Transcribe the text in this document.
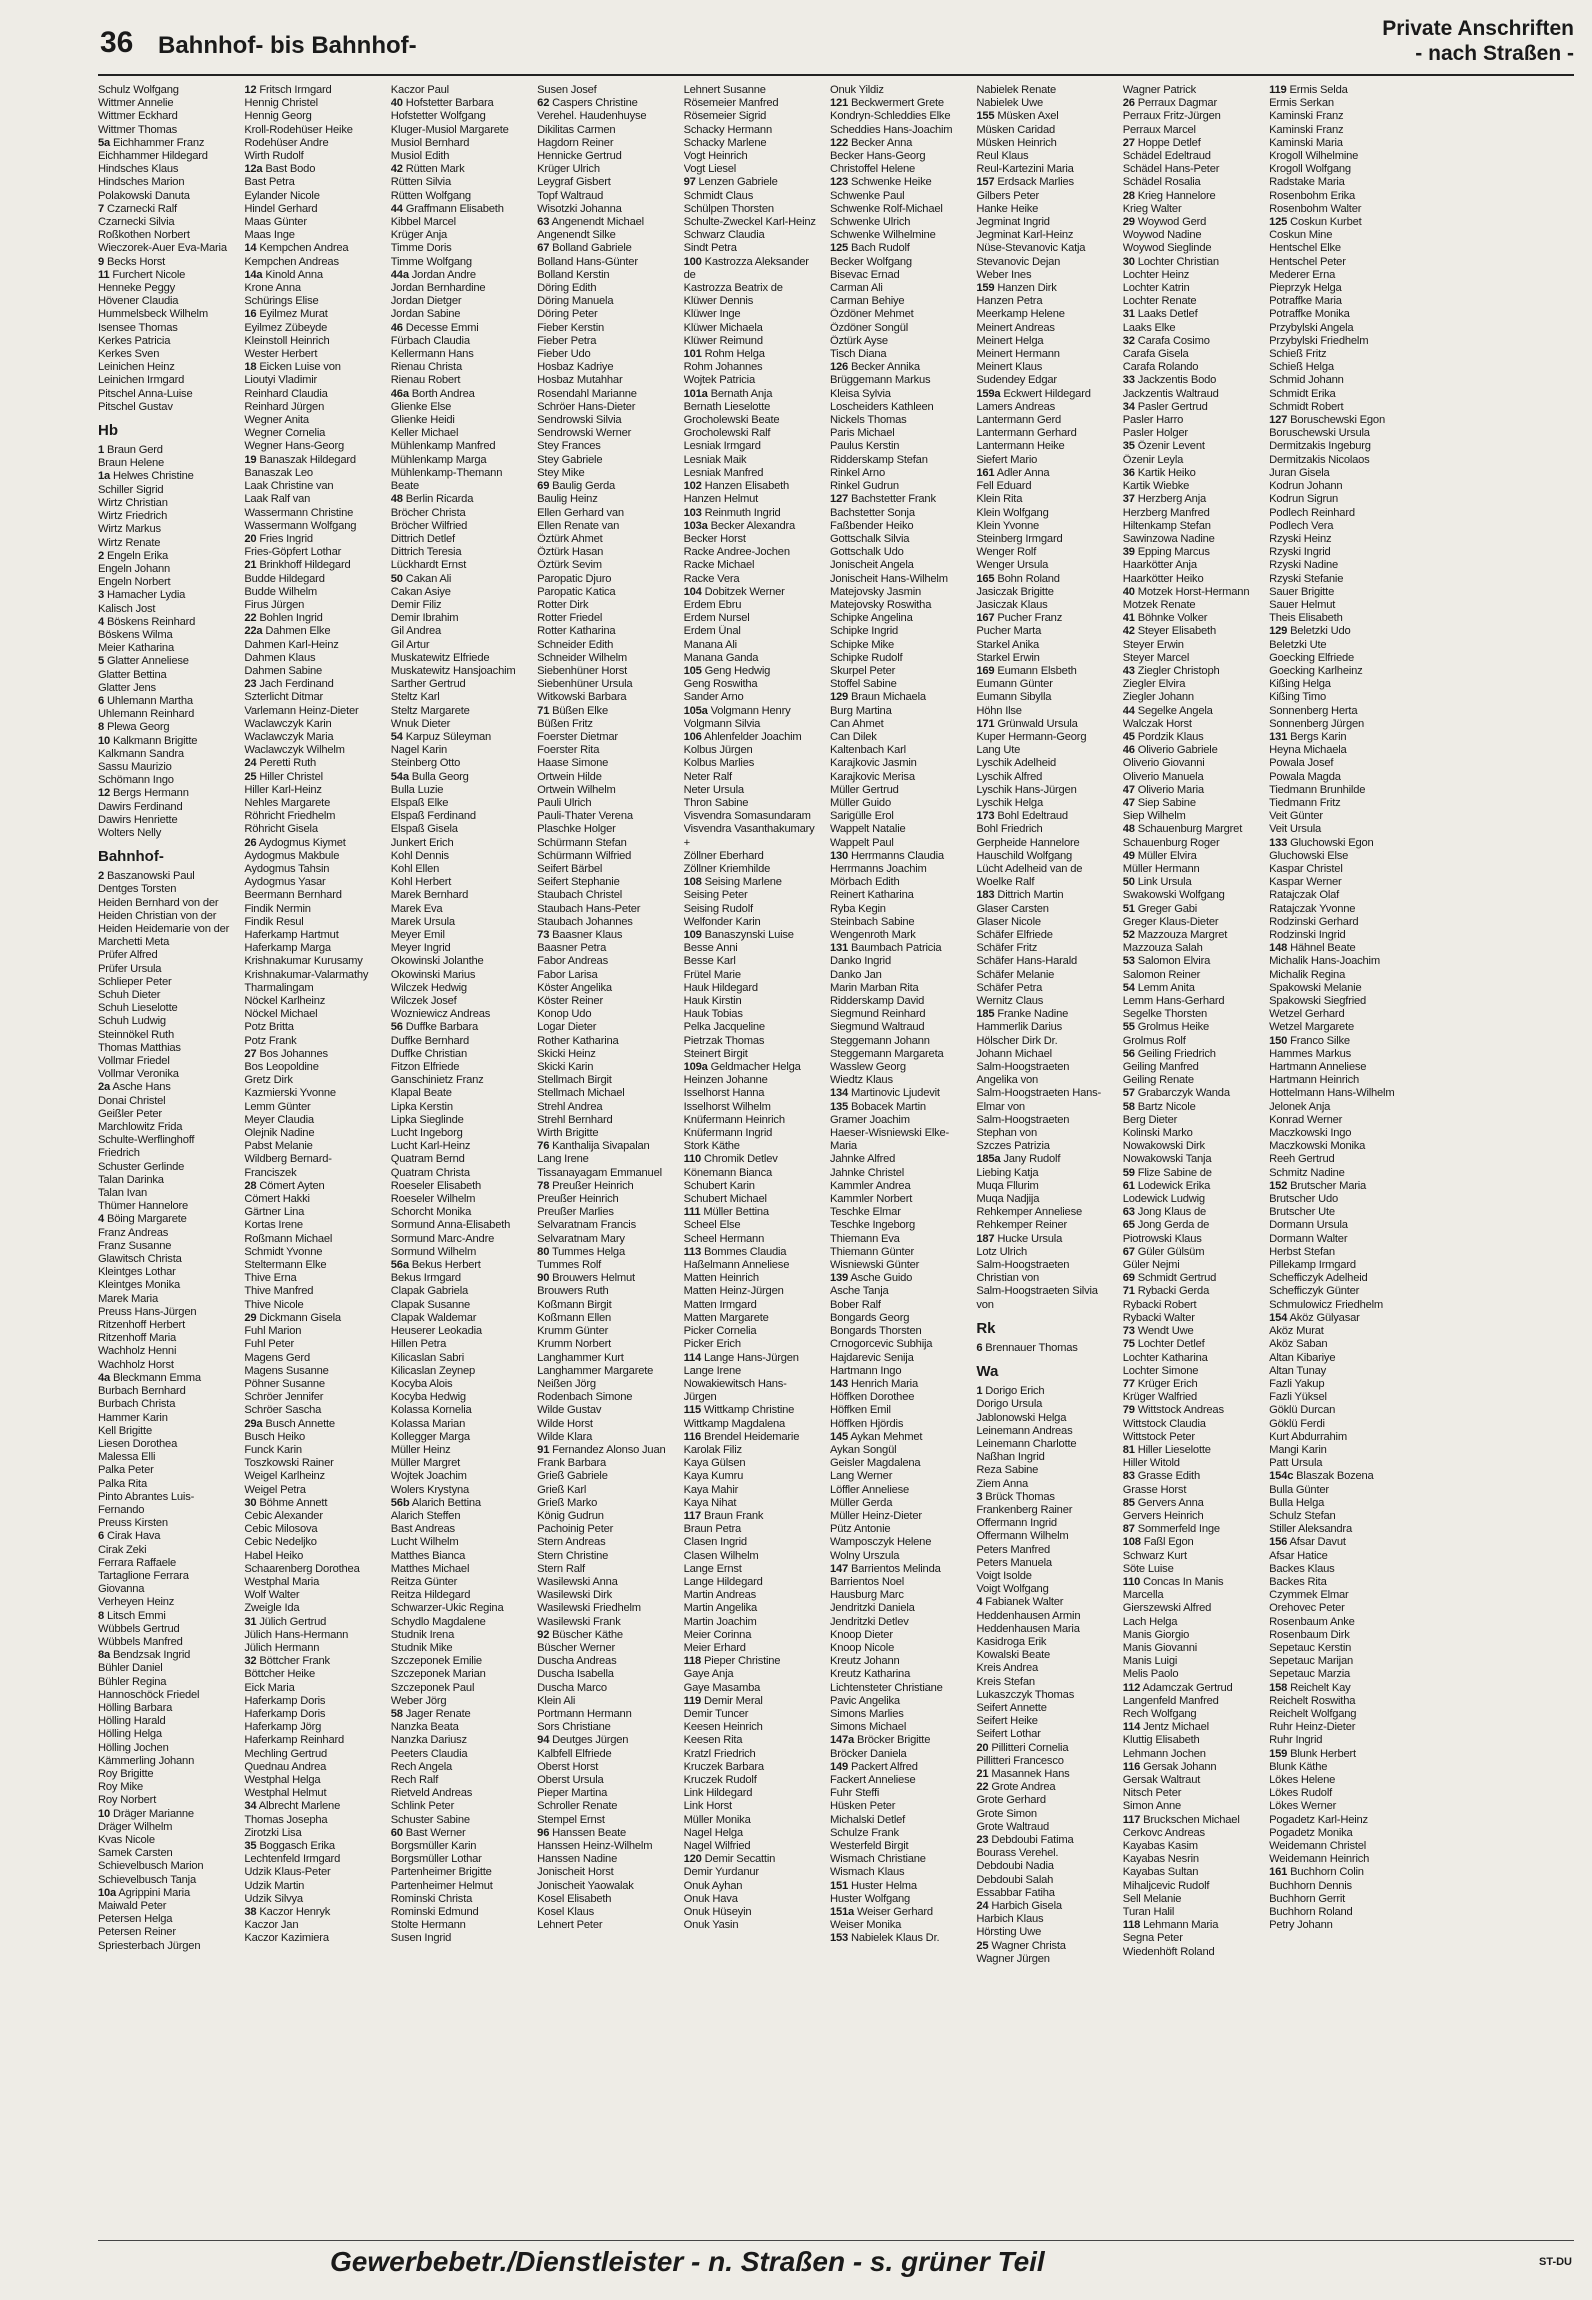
36 Bahnhof- bis Bahnhof-
Private Anschriften
- nach Straßen -
Schulz Wolfgang
Wittmer Annelie
Wittmer Eckhard
Wittmer Thomas
5a Eichhammer Franz
Eichhammer Hildegard
Hindsches Klaus
Hindsches Marion
Polakowski Danuta
7 Czarnecki Ralf
Czarnecki Silvia
Roßkothen Norbert
Wieczorek-Auer Eva-Maria
9 Becks Horst
11 Furchert Nicole
Henneke Peggy
Hövener Claudia
Hummelsbeck Wilhelm
Isensee Thomas
Kerkes Patricia
Kerkes Sven
Leinichen Heinz
Leinichen Irmgard
Pitschel Anna-Luise
Pitschel Gustav
Hb
1 Braun Gerd
Braun Helene
1a Helwes Christine
Schiller Sigrid
Wirtz Christian
Wirtz Friedrich
Wirtz Markus
Wirtz Renate
2 Engeln Erika
Engeln Johann
Engeln Norbert
3 Hamacher Lydia
Kalisch Jost
4 Böskens Reinhard
Böskens Wilma
Meier Katharina
5 Glatter Anneliese
Glatter Bettina
Glatter Jens
6 Uhlemann Martha
Uhlemann Reinhard
8 Plewa Georg
10 Kalkmann Brigitte
Kalkmann Sandra
Sassu Maurizio
Schömann Ingo
12 Bergs Hermann
Dawirs Ferdinand
Dawirs Henriette
Wolters Nelly
Bahnhof-
2 Baszanowski Paul
Dentges Torsten
Heiden Bernhard von der
Heiden Christian von der
Heiden Heidemarie von der
Marchetti Meta
Prüfer Alfred
Prüfer Ursula
Schlieper Peter
Schuh Dieter
Schuh Lieselotte
Schuh Ludwig
Steinnökel Ruth
Thomas Matthias
Vollmar Friedel
Vollmar Veronika
2a Asche Hans
Donai Christel
Geißler Peter
Marchlowitz Frida
Schulte-Werflinghoff
Friedrich
Schuster Gerlinde
Talan Darinka
Talan Ivan
Thümer Hannelore
4 Böing Margarete
Franz Andreas
Franz Susanne
Glawitsch Christa
Kleintges Lothar
Kleintges Monika
Marek Maria
Preuss Hans-Jürgen
Ritzenhoff Herbert
Ritzenhoff Maria
Wachholz Henni
Wachholz Horst
4a Bleckmann Emma
Burbach Bernhard
Burbach Christa
Hammer Karin
Kell Brigitte
Liesen Dorothea
Malessa Elli
Palka Peter
Palka Rita
Pinto Abrantes Luis-
Fernando
Preuss Kirsten
6 Cirak Hava
Cirak Zeki
Ferrara Raffaele
Tartaglione Ferrara
Giovanna
Verheyen Heinz
8 Litsch Emmi
Wübbels Gertrud
Wübbels Manfred
8a Bendzsak Ingrid
Bühler Daniel
Bühler Regina
Hannoschöck Friedel
Hölling Barbara
Hölling Harald
Hölling Helga
Hölling Jochen
Kämmerling Johann
Roy Brigitte
Roy Mike
Roy Norbert
10 Dräger Marianne
Dräger Wilhelm
Kvas Nicole
Samek Carsten
Schievelbusch Marion
Schievelbusch Tanja
10a Agrippini Maria
Maiwald Peter
Petersen Helga
Petersen Reiner
Spriesterbach Jürgen
12 Fritsch Irmgard
Hennig Christel
Hennig Georg
Kroll-Rodehüser Heike
Rodehüser Andre
Wirth Rudolf
12a Bast Bodo
Bast Petra
Eylander Nicole
Hindel Gerhard
Maas Günter
Maas Inge
14 Kempchen Andrea
Kempchen Andreas
14a Kinold Anna
Krone Anna
Schürings Elise
16 Eyilmez Murat
Eyilmez Zübeyde
Kleinstoll Heinrich
Wester Herbert
18 Eicken Luise von
Lioutyi Vladimir
Reinhard Claudia
Reinhard Jürgen
Wegner Anita
Wegner Cornelia
Wegner Hans-Georg
19 Banaszak Hildegard
Banaszak Leo
Laak Christine van
Laak Ralf van
Wassermann Christine
Wassermann Wolfgang
20 Fries Ingrid
Fries-Göpfert Lothar
21 Brinkhoff Hildegard
Budde Hildegard
Budde Wilhelm
Firus Jürgen
22 Bohlen Ingrid
22a Dahmen Elke
Dahmen Karl-Heinz
Dahmen Klaus
Dahmen Sabine
23 Jach Ferdinand
Szterlicht Ditmar
Varlemann Heinz-Dieter
Waclawczyk Karin
Waclawczyk Maria
Waclawczyk Wilhelm
24 Peretti Ruth
25 Hiller Christel
Hiller Karl-Heinz
Nehles Margarete
Röhricht Friedhelm
Röhricht Gisela
26 Aydogmus Kiymet
Aydogmus Makbule
Aydogmus Tahsin
Aydogmus Yasar
Beermann Bernhard
Findik Nermin
Findik Resul
Haferkamp Hartmut
Haferkamp Marga
Krishnakumar Kurusamy
Krishnakumar-Valarmathy
Tharmalingam
Nöckel Karlheinz
Nöckel Michael
Potz Britta
Potz Frank
27 Bos Johannes
Bos Leopoldine
Gretz Dirk
Kazmierski Yvonne
Lemm Günter
Meyer Claudia
Olejnik Nadine
Pabst Melanie
Wildberg Bernard-
Franciszek
28 Cömert Ayten
Cömert Hakki
Gärtner Lina
Kortas Irene
Roßmann Michael
Schmidt Yvonne
Steltermann Elke
Thive Erna
Thive Manfred
Thive Nicole
29 Dickmann Gisela
Fuhl Marion
Fuhl Peter
Magens Gerd
Magens Susanne
Pöhner Susanne
Schröer Jennifer
Schröer Sascha
29a Busch Annette
Busch Heiko
Funck Karin
Toszkowski Rainer
Weigel Karlheinz
Weigel Petra
30 Böhme Annett
Cebic Alexander
Cebic Milosova
Cebic Nedeljko
Habel Heiko
Schaarenberg Dorothea
Westphal Maria
Wolf Walter
Zweigle Ida
31 Jülich Gertrud
Jülich Hans-Hermann
Jülich Hermann
32 Böttcher Frank
Böttcher Heike
Eick Maria
Haferkamp Doris
Haferkamp Doris
Haferkamp Jörg
Haferkamp Reinhard
Mechling Gertrud
Quednau Andrea
Westphal Helga
Westphal Helmut
34 Albrecht Marlene
Thomas Josepha
Zirotzki Lisa
35 Boggasch Erika
Lechtenfeld Irmgard
Udzik Klaus-Peter
Udzik Martin
Udzik Silvya
38 Kaczor Henryk
Kaczor Jan
Kaczor Kazimiera
Kaczor Paul
40 Hofstetter Barbara
Hofstetter Wolfgang
Kluger-Musiol Margarete
Musiol Bernhard
Musiol Edith
42 Rütten Mark
Rütten Silvia
Rütten Wolfgang
44 Graffmann Elisabeth
Kibbel Marcel
Krüger Anja
Timme Doris
Timme Wolfgang
44a Jordan Andre
Jordan Bernhardine
Jordan Dietger
Jordan Sabine
46 Decesse Emmi
Fürbach Claudia
Kellermann Hans
Rienau Christa
Rienau Robert
46a Borth Andrea
Glienke Else
Glienke Heidi
Keller Michael
Mühlenkamp Manfred
Mühlenkamp Marga
Mühlenkamp-Themann
Beate
48 Berlin Ricarda
Bröcher Christa
Bröcher Wilfried
Dittrich Detlef
Dittrich Teresia
Lückhardt Ernst
50 Cakan Ali
Cakan Asiye
Demir Filiz
Demir Ibrahim
Gil Andrea
Gil Artur
Muskatewitz Elfriede
Muskatewitz Hansjoachim
Sarther Gertrud
Steltz Karl
Steltz Margarete
Wnuk Dieter
54 Karpuz Süleyman
Nagel Karin
Steinberg Otto
54a Bulla Georg
Bulla Luzie
Elspaß Elke
Elspaß Ferdinand
Elspaß Gisela
Junkert Erich
Kohl Dennis
Kohl Ellen
Kohl Herbert
Marek Bernhard
Marek Eva
Marek Ursula
Meyer Emil
Meyer Ingrid
Okowinski Jolanthe
Okowinski Marius
Wilczek Hedwig
Wilczek Josef
Wozniewicz Andreas
56 Duffke Barbara
Duffke Bernhard
Duffke Christian
Fitzon Elfriede
Ganschinietz Franz
Klapal Beate
Lipka Kerstin
Lipka Sieglinde
Lucht Ingeborg
Lucht Karl-Heinz
Quatram Bernd
Quatram Christa
Roeseler Elisabeth
Roeseler Wilhelm
Schorcht Monika
Sormund Anna-Elisabeth
Sormund Marc-Andre
Sormund Wilhelm
56a Bekus Herbert
Bekus Irmgard
Clapak Gabriela
Clapak Susanne
Clapak Waldemar
Heuserer Leokadia
Hillen Petra
Kilicaslan Sabri
Kilicaslan Zeynep
Kocyba Alois
Kocyba Hedwig
Kolassa Kornelia
Kolassa Marian
Kollegger Marga
Müller Heinz
Müller Margret
Wojtek Joachim
Wolers Krystyna
56b Alarich Bettina
Alarich Steffen
Bast Andreas
Lucht Wilhelm
Matthes Bianca
Matthes Michael
Reitza Günter
Reitza Hildegard
Schwarzer-Ukic Regina
Schydlo Magdalene
Studnik Irena
Studnik Mike
Szczeponek Emilie
Szczeponek Marian
Szczeponek Paul
Weber Jörg
58 Jager Renate
Nanzka Beata
Nanzka Dariusz
Peeters Claudia
Rech Angela
Rech Ralf
Rietveld Andreas
Schlink Peter
Schuster Sabine
60 Bast Werner
Borgsmüller Karin
Borgsmüller Lothar
Partenheimer Brigitte
Partenheimer Helmut
Rominski Christa
Rominski Edmund
Stolte Hermann
Susen Ingrid
Susen Josef
62 Caspers Christine
Verehel. Haudenhuyse
Dikilitas Carmen
Hagdorn Reiner
Hennicke Gertrud
Krüger Ulrich
Leygraf Gisbert
Topf Waltraud
Wisotzki Johanna
63 Angenendt Michael
Angenendt Silke
67 Bolland Gabriele
Bolland Hans-Günter
Bolland Kerstin
Döring Edith
Döring Manuela
Döring Peter
Fieber Kerstin
Fieber Petra
Fieber Udo
Hosbaz Kadriye
Hosbaz Mutahhar
Rosendahl Marianne
Schröer Hans-Dieter
Sendrowski Silvia
Sendrowski Werner
Stey Frances
Stey Gabriele
Stey Mike
69 Baulig Gerda
Baulig Heinz
Ellen Gerhard van
Ellen Renate van
Öztürk Ahmet
Öztürk Hasan
Öztürk Sevim
Paropatic Djuro
Paropatic Katica
Rotter Dirk
Rotter Friedel
Rotter Katharina
Schneider Edith
Schneider Wilhelm
Siebenhüner Horst
Siebenhüner Ursula
Witkowski Barbara
71 Büßen Elke
Büßen Fritz
Foerster Dietmar
Foerster Rita
Haase Simone
Ortwein Hilde
Ortwein Wilhelm
Pauli Ulrich
Pauli-Thater Verena
Plaschke Holger
Schürmann Stefan
Schürmann Wilfried
Seifert Bärbel
Seifert Stephanie
Staubach Christel
Staubach Hans-Peter
Staubach Johannes
73 Baasner Klaus
Baasner Petra
Fabor Andreas
Fabor Larisa
Köster Angelika
Köster Reiner
Konop Udo
Logar Dieter
Rother Katharina
Skicki Heinz
Skicki Karin
Stellmach Birgit
Stellmach Michael
Strehl Andrea
Strehl Bernhard
Wirth Brigitte
76 Kanthalija Sivapalan
Lang Irene
Tissanayagam Emmanuel
78 Preußer Heinrich
Preußer Heinrich
Preußer Marlies
Selvaratnam Francis
Selvaratnam Mary
80 Tummes Helga
Tummes Rolf
90 Brouwers Helmut
Brouwers Ruth
Koßmann Birgit
Koßmann Ellen
Krumm Günter
Krumm Norbert
Langhammer Kurt
Langhammer Margarete
Neißen Jörg
Rodenbach Simone
Wilde Gustav
Wilde Horst
Wilde Klara
91 Fernandez Alonso Juan
Frank Barbara
Grieß Gabriele
Grieß Karl
Grieß Marko
König Gudrun
Pachoinig Peter
Stern Andreas
Stern Christine
Stern Ralf
Wasilewski Anna
Wasilewski Dirk
Wasilewski Friedhelm
Wasilewski Frank
92 Büscher Käthe
Büscher Werner
Duscha Andreas
Duscha Isabella
Duscha Marco
Klein Ali
Portmann Hermann
Sors Christiane
94 Deutges Jürgen
Kalbfell Elfriede
Oberst Horst
Oberst Ursula
Pieper Martina
Schroller Renate
Stempel Ernst
96 Hanssen Beate
Hanssen Heinz-Wilhelm
Hanssen Nadine
Jonischeit Horst
Jonischeit Yaowalak
Kosel Elisabeth
Kosel Klaus
Lehnert Peter
Lehnert Susanne
Rösemeier Manfred
Rösemeier Sigrid
Schacky Hermann
Schacky Marlene
Vogt Heinrich
Vogt Liesel
97 Lenzen Gabriele
Schmidt Claus
Schülpen Thorsten
Schulte-Zweckel Karl-Heinz
Schwarz Claudia
Sindt Petra
100 Kastrozza Aleksander
de
Kastrozza Beatrix de
Klüwer Dennis
Klüwer Inge
Klüwer Michaela
Klüwer Reimund
101 Rohm Helga
Rohm Johannes
Wojtek Patricia
101a Bernath Anja
Bernath Lieselotte
Grocholewski Beate
Grocholewski Ralf
Lesniak Irmgard
Lesniak Maik
Lesniak Manfred
102 Hanzen Elisabeth
Hanzen Helmut
103 Reinmuth Ingrid
103a Becker Alexandra
Becker Horst
Racke Andree-Jochen
Racke Michael
Racke Vera
104 Dobitzek Werner
Erdem Ebru
Erdem Nursel
Erdem Ünal
Manana Ali
Manana Ganda
105 Geng Hedwig
Geng Roswitha
Sander Arno
105a Volgmann Henry
Volgmann Silvia
106 Ahlenfelder Joachim
Kolbus Jürgen
Kolbus Marlies
Neter Ralf
Neter Ursula
Thron Sabine
Visvendra Somasundaram
Visvendra Vasanthakumary
+
Zöllner Eberhard
Zöllner Kriemhilde
108 Seising Marlene
Seising Peter
Seising Rudolf
Welfonder Karin
109 Banaszynski Luise
Besse Anni
Besse Karl
Frütel Marie
Hauk Hildegard
Hauk Kirstin
Hauk Tobias
Pelka Jacqueline
Pietrzak Thomas
Steinert Birgit
109a Geldmacher Helga
Heinzen Johanne
Isselhorst Hanna
Isselhorst Wilhelm
Knüfermann Heinrich
Knüfermann Ingrid
Stork Käthe
110 Chromik Detlev
Könemann Bianca
Schubert Karin
Schubert Michael
111 Müller Bettina
Scheel Else
Scheel Hermann
113 Bommes Claudia
Haßelmann Anneliese
Matten Heinrich
Matten Heinz-Jürgen
Matten Irmgard
Matten Margarete
Picker Cornelia
Picker Erich
114 Lange Hans-Jürgen
Lange Irene
Nowakiewitsch Hans-
Jürgen
115 Wittkamp Christine
Wittkamp Magdalena
116 Brendel Heidemarie
Karolak Filiz
Kaya Gülsen
Kaya Kumru
Kaya Mahir
Kaya Nihat
117 Braun Frank
Braun Petra
Clasen Ingrid
Clasen Wilhelm
Lange Ernst
Lange Hildegard
Martin Andreas
Martin Angelika
Martin Joachim
Meier Corinna
Meier Erhard
118 Pieper Christine
Gaye Anja
Gaye Masamba
119 Demir Meral
Demir Tuncer
Keesen Heinrich
Keesen Rita
Kratzl Friedrich
Kruczek Barbara
Kruczek Rudolf
Link Hildegard
Link Horst
Müller Monika
Nagel Helga
Nagel Wilfried
120 Demir Secattin
Demir Yurdanur
Onuk Ayhan
Onuk Hava
Onuk Hüseyin
Onuk Yasin
Onuk Yildiz
121 Beckwermert Grete
Kondryn-Schleddies Elke
Scheddies Hans-Joachim
122 Becker Anna
Becker Hans-Georg
Christoffel Helene
123 Schwenke Heike
Schwenke Paul
Schwenke Rolf-Michael
Schwenke Ulrich
Schwenke Wilhelmine
125 Bach Rudolf
Becker Wolfgang
Bisevac Ernad
Carman Ali
Carman Behiye
Özdöner Mehmet
Özdöner Songül
Öztürk Ayse
Tisch Diana
126 Becker Annika
Brüggemann Markus
Kleisa Sylvia
Loscheiders Kathleen
Nickels Thomas
Paris Michael
Paulus Kerstin
Ridderskamp Stefan
Rinkel Arno
Rinkel Gudrun
127 Bachstetter Frank
Bachstetter Sonja
Faßbender Heiko
Gottschalk Silvia
Gottschalk Udo
Jonischeit Angela
Jonischeit Hans-Wilhelm
Matejovsky Jasmin
Matejovsky Roswitha
Schipke Angelina
Schipke Ingrid
Schipke Mike
Schipke Rudolf
Skurpel Peter
Stoffel Sabine
129 Braun Michaela
Burg Martina
Can Ahmet
Can Dilek
Kaltenbach Karl
Karajkovic Jasmin
Karajkovic Merisa
Müller Gertrud
Müller Guido
Sarigülle Erol
Wappelt Natalie
Wappelt Paul
130 Herrmanns Claudia
Herrmanns Joachim
Mörbach Edith
Reinert Katharina
Ryba Kegin
Steinbach Sabine
Wengenroth Mark
131 Baumbach Patricia
Danko Ingrid
Danko Jan
Marin Marban Rita
Ridderskamp David
Siegmund Reinhard
Siegmund Waltraud
Steggemann Johann
Steggemann Margareta
Wasslew Georg
Wiedtz Klaus
134 Martinovic Ljudevit
135 Bobacek Martin
Gramer Joachim
Haeser-Wisniewski Elke-
Maria
Jahnke Alfred
Jahnke Christel
Kammler Andrea
Kammler Norbert
Teschke Elmar
Teschke Ingeborg
Thiemann Eva
Thiemann Günter
Wisniewski Günter
139 Asche Guido
Asche Tanja
Bober Ralf
Bongards Georg
Bongards Thorsten
Crnogorcevic Subhija
Hajdarevic Senija
Hartmann Ingo
143 Henrich Maria
Höffken Dorothee
Höffken Emil
Höffken Hjördis
145 Aykan Mehmet
Aykan Songül
Geisler Magdalena
Lang Werner
Löffler Anneliese
Müller Gerda
Müller Heinz-Dieter
Pütz Antonie
Wamposczyk Helene
Wolny Urszula
147 Barrientos Melinda
Barrientos Noel
Hausburg Marc
Jendritzki Daniela
Jendritzki Detlev
Knoop Dieter
Knoop Nicole
Kreutz Johann
Kreutz Katharina
Lichtensteter Christiane
Pavic Angelika
Simons Marlies
Simons Michael
147a Bröcker Brigitte
Bröcker Daniela
149 Packert Alfred
Fackert Anneliese
Fuhr Steffi
Hüsken Peter
Michalski Detlef
Schulze Frank
Westerfeld Birgit
Wismach Christiane
Wismach Klaus
151 Huster Helma
Huster Wolfgang
151a Weiser Gerhard
Weiser Monika
153 Nabielek Klaus Dr.
Nabielek Renate
Nabielek Uwe
155 Müsken Axel
Müsken Caridad
Müsken Heinrich
Reul Klaus
Reul-Kartezini Maria
157 Erdsack Marlies
Gilbers Peter
Hanke Heike
Jegminat Ingrid
Jegminat Karl-Heinz
Nüse-Stevanovic Katja
Stevanovic Dejan
Weber Ines
159 Hanzen Dirk
Hanzen Petra
Meerkamp Helene
Meinert Andreas
Meinert Helga
Meinert Hermann
Meinert Klaus
Sudendey Edgar
159a Eckwert Hildegard
Lamers Andreas
Lantermann Gerd
Lantermann Gerhard
Lantermann Heike
Siefert Mario
161 Adler Anna
Fell Eduard
Klein Rita
Klein Wolfgang
Klein Yvonne
Steinberg Irmgard
Wenger Rolf
Wenger Ursula
165 Bohn Roland
Jasiczak Brigitte
Jasiczak Klaus
167 Pucher Franz
Pucher Marta
Starkel Anika
Starkel Erwin
169 Eumann Elsbeth
Eumann Günter
Eumann Sibylla
Höhn Ilse
171 Grünwald Ursula
Kuper Hermann-Georg
Lang Ute
Lyschik Adelheid
Lyschik Alfred
Lyschik Hans-Jürgen
Lyschik Helga
173 Bohl Edeltraud
Bohl Friedrich
Gerpheide Hannelore
Hauschild Wolfgang
Lücht Adelheid van de
Woelke Ralf
183 Dittrich Martin
Glaser Carsten
Glaser Nicole
Schäfer Elfriede
Schäfer Fritz
Schäfer Hans-Harald
Schäfer Melanie
Schäfer Petra
Wernitz Claus
185 Franke Nadine
Hammerlik Darius
Hölscher Dirk Dr.
Johann Michael
Salm-Hoogstraeten
Angelika von
Salm-Hoogstraeten Hans-
Elmar von
Salm-Hoogstraeten
Stephan von
Szczes Patrizia
185a Jany Rudolf
Liebing Katja
Muqa Fllurim
Muqa Nadjija
Rehkemper Anneliese
Rehkemper Reiner
187 Hucke Ursula
Lotz Ulrich
Salm-Hoogstraeten
Christian von
Salm-Hoogstraeten Silvia
von
Rk
6 Brennauer Thomas
Wa
1 Dorigo Erich
Dorigo Ursula
Jablonowski Helga
Leinemann Andreas
Leinemann Charlotte
Naßhan Ingrid
Reza Sabine
Ziem Anna
3 Brück Thomas
Frankenberg Rainer
Offermann Ingrid
Offermann Wilhelm
Peters Manfred
Peters Manuela
Voigt Isolde
Voigt Wolfgang
4 Fabianek Walter
Heddenhausen Armin
Heddenhausen Maria
Kasidroga Erik
Kowalski Beate
Kreis Andrea
Kreis Stefan
Lukaszczyk Thomas
Seifert Annette
Seifert Heike
Seifert Lothar
20 Pillitteri Cornelia
Pillitteri Francesco
21 Masannek Hans
22 Grote Andrea
Grote Gerhard
Grote Simon
Grote Waltraud
23 Debdoubi Fatima
Bourass Verehel.
Debdoubi Nadia
Debdoubi Salah
Essabbar Fatiha
24 Harbich Gisela
Harbich Klaus
Hörsting Uwe
25 Wagner Christa
Wagner Jürgen
Wagner Patrick
26 Perraux Dagmar
Perraux Fritz-Jürgen
Perraux Marcel
27 Hoppe Detlef
Schädel Edeltraud
Schädel Hans-Peter
Schädel Rosalia
28 Krieg Hannelore
Krieg Walter
29 Woywod Gerd
Woywod Nadine
Woywod Sieglinde
30 Lochter Christian
Lochter Heinz
Lochter Katrin
Lochter Renate
31 Laaks Detlef
Laaks Elke
32 Carafa Cosimo
Carafa Gisela
Carafa Rolando
33 Jackzentis Bodo
Jackzentis Waltraud
34 Pasler Gertrud
Pasler Harro
Pasler Holger
35 Özenir Levent
Özenir Leyla
36 Kartik Heiko
Kartik Wiebke
37 Herzberg Anja
Herzberg Manfred
Hiltenkamp Stefan
Sawinzowa Nadine
39 Epping Marcus
Haarkötter Anja
Haarkötter Heiko
40 Motzek Horst-Hermann
Motzek Renate
41 Böhnke Volker
42 Steyer Elisabeth
Steyer Erwin
Steyer Marcel
43 Ziegler Christoph
Ziegler Elvira
Ziegler Johann
44 Segelke Angela
Walczak Horst
45 Pordzik Klaus
46 Oliverio Gabriele
Oliverio Giovanni
Oliverio Manuela
47 Oliverio Maria
47 Siep Sabine
Siep Wilhelm
48 Schauenburg Margret
Schauenburg Roger
49 Müller Elvira
Müller Hermann
50 Link Ursula
Swakowski Wolfgang
51 Greger Gabi
Greger Klaus-Dieter
52 Mazzouza Margret
Mazzouza Salah
53 Salomon Elvira
Salomon Reiner
54 Lemm Anita
Lemm Hans-Gerhard
Segelke Thorsten
55 Grolmus Heike
Grolmus Rolf
56 Geiling Friedrich
Geiling Manfred
Geiling Renate
57 Grabarczyk Wanda
58 Bartz Nicole
Berg Dieter
Kolinski Marko
Nowakowski Dirk
Nowakowski Tanja
59 Flize Sabine de
61 Lodewick Erika
Lodewick Ludwig
63 Jong Klaus de
65 Jong Gerda de
Piotrowski Klaus
67 Güler Gülsüm
Güler Nejmi
69 Schmidt Gertrud
71 Rybacki Gerda
Rybacki Robert
Rybacki Walter
73 Wendt Uwe
75 Lochter Detlef
Lochter Katharina
Lochter Simone
77 Krüger Erich
Krüger Walfried
79 Wittstock Andreas
Wittstock Claudia
Wittstock Peter
81 Hiller Lieselotte
Hiller Witold
83 Grasse Edith
Grasse Horst
85 Gervers Anna
Gervers Heinrich
87 Sommerfeld Inge
108 Faßl Egon
Schwarz Kurt
Söte Luise
110 Concas In Manis
Marcella
Gierszewski Alfred
Lach Helga
Manis Giorgio
Manis Giovanni
Manis Luigi
Melis Paolo
112 Adamczak Gertrud
Langenfeld Manfred
Rech Wolfgang
114 Jentz Michael
Kluttig Elisabeth
Lehmann Jochen
116 Gersak Johann
Gersak Waltraut
Nitsch Peter
Simon Anne
117 Bruckschen Michael
Cerkovc Andreas
Kayabas Kasim
Kayabas Nesrin
Kayabas Sultan
Mihaljcevic Rudolf
Sell Melanie
Turan Halil
118 Lehmann Maria
Segna Peter
Wiedenhöft Roland
119 Ermis Selda
Ermis Serkan
Kaminski Franz
Kaminski Franz
Kaminski Maria
Krogoll Wilhelmine
Krogoll Wolfgang
Radstake Maria
Rosenbohm Erika
Rosenbohm Walter
125 Coskun Kurbet
Coskun Mine
Hentschel Elke
Hentschel Peter
Mederer Erna
Pieprzyk Helga
Potraffke Maria
Potraffke Monika
Przybylski Angela
Przybylski Friedhelm
Schieß Fritz
Schieß Helga
Schmid Johann
Schmidt Erika
Schmidt Robert
127 Boruschewski Egon
Boruschewski Ursula
Dermitzakis Ingeburg
Dermitzakis Nicolaos
Juran Gisela
Kodrun Johann
Kodrun Sigrun
Podlech Reinhard
Podlech Vera
Rzyski Heinz
Rzyski Ingrid
Rzyski Nadine
Rzyski Stefanie
Sauer Brigitte
Sauer Helmut
Theis Elisabeth
129 Beletzki Udo
Beletzki Ute
Goecking Elfriede
Goecking Karlheinz
Kißing Helga
Kißing Timo
Sonnenberg Herta
Sonnenberg Jürgen
131 Bergs Karin
Heyna Michaela
Powala Josef
Powala Magda
Tiedmann Brunhilde
Tiedmann Fritz
Veit Günter
Veit Ursula
133 Gluchowski Egon
Gluchowski Else
Kaspar Christel
Kaspar Werner
Ratajczak Olaf
Ratajczak Yvonne
Rodzinski Gerhard
Rodzinski Ingrid
148 Hähnel Beate
Michalik Hans-Joachim
Michalik Regina
Spakowski Melanie
Spakowski Siegfried
Wetzel Gerhard
Wetzel Margarete
150 Franco Silke
Hammes Markus
Hartmann Anneliese
Hartmann Heinrich
Hottelmann Hans-Wilhelm
Jelonek Anja
Konrad Werner
Maczkowski Ingo
Maczkowski Monika
Reeh Gertrud
Schmitz Nadine
152 Brutscher Maria
Brutscher Udo
Brutscher Ute
Dormann Ursula
Dormann Walter
Herbst Stefan
Pillekamp Irmgard
Schefficzyk Adelheid
Schefficzyk Günter
Schmulowicz Friedhelm
154 Aköz Gülyasar
Aköz Murat
Aköz Saban
Altan Kibariye
Altan Tunay
Fazli Yakup
Fazli Yüksel
Göklü Durcan
Göklü Ferdi
Kurt Abdurrahim
Mangi Karin
Patt Ursula
154c Blaszak Bozena
Bulla Günter
Bulla Helga
Schulz Stefan
Stiller Aleksandra
156 Afsar Davut
Afsar Hatice
Backes Klaus
Backes Rita
Czymmek Elmar
Orehovec Peter
Rosenbaum Anke
Rosenbaum Dirk
Sepetauc Kerstin
Sepetauc Marijan
Sepetauc Marzia
158 Reichelt Kay
Reichelt Roswitha
Reichelt Wolfgang
Ruhr Heinz-Dieter
Ruhr Ingrid
159 Blunk Herbert
Blunk Käthe
Lökes Helene
Lökes Rudolf
Lökes Werner
Pogadetz Karl-Heinz
Pogadetz Monika
Weidemann Christel
Weidemann Heinrich
161 Buchhorn Colin
Buchhorn Dennis
Buchhorn Gerrit
Buchhorn Roland
Petry Johann
Gewerbebetr./Dienstleister - n. Straßen - s. grüner Teil	ST-DU
